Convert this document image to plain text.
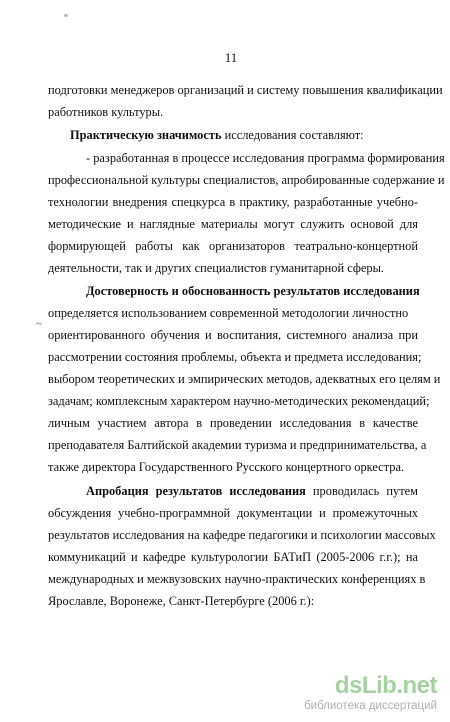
11
подготовки менеджеров организаций и систему повышения квалификации
работников культуры.
Практическую значимость исследования составляют:
- разработанная в процессе исследования программа формирования
профессиональной культуры специалистов, апробированные содержание и
технологии внедрения спецкурса в практику, разработанные учебно-
методические и наглядные материалы могут служить основой для
формирующей работы как организаторов театрально-концертной
деятельности, так и других специалистов гуманитарной сферы.
Достоверность и обоснованность результатов исследования
определяется использованием современной методологии личностно
ориентированного обучения и воспитания, системного анализа при
рассмотрении состояния проблемы, объекта и предмета исследования;
выбором теоретических и эмпирических методов, адекватных его целям и
задачам; комплексным характером научно-методических рекомендаций;
личным участием автора в проведении исследования в качестве
преподавателя Балтийской академии туризма и предпринимательства, а
также директора Государственного Русского концертного оркестра.
Апробация результатов исследования проводилась путем
обсуждения учебно-программной документации и промежуточных
результатов исследования на кафедре педагогики и психологии массовых
коммуникаций и кафедре культурологии БАТиП (2005-2006 г.г.); на
международных и межвузовских научно-практических конференциях в
Ярославле, Воронеже, Санкт-Петербурге (2006 г.):
~
dsLib.net
библиотека диссертаций
